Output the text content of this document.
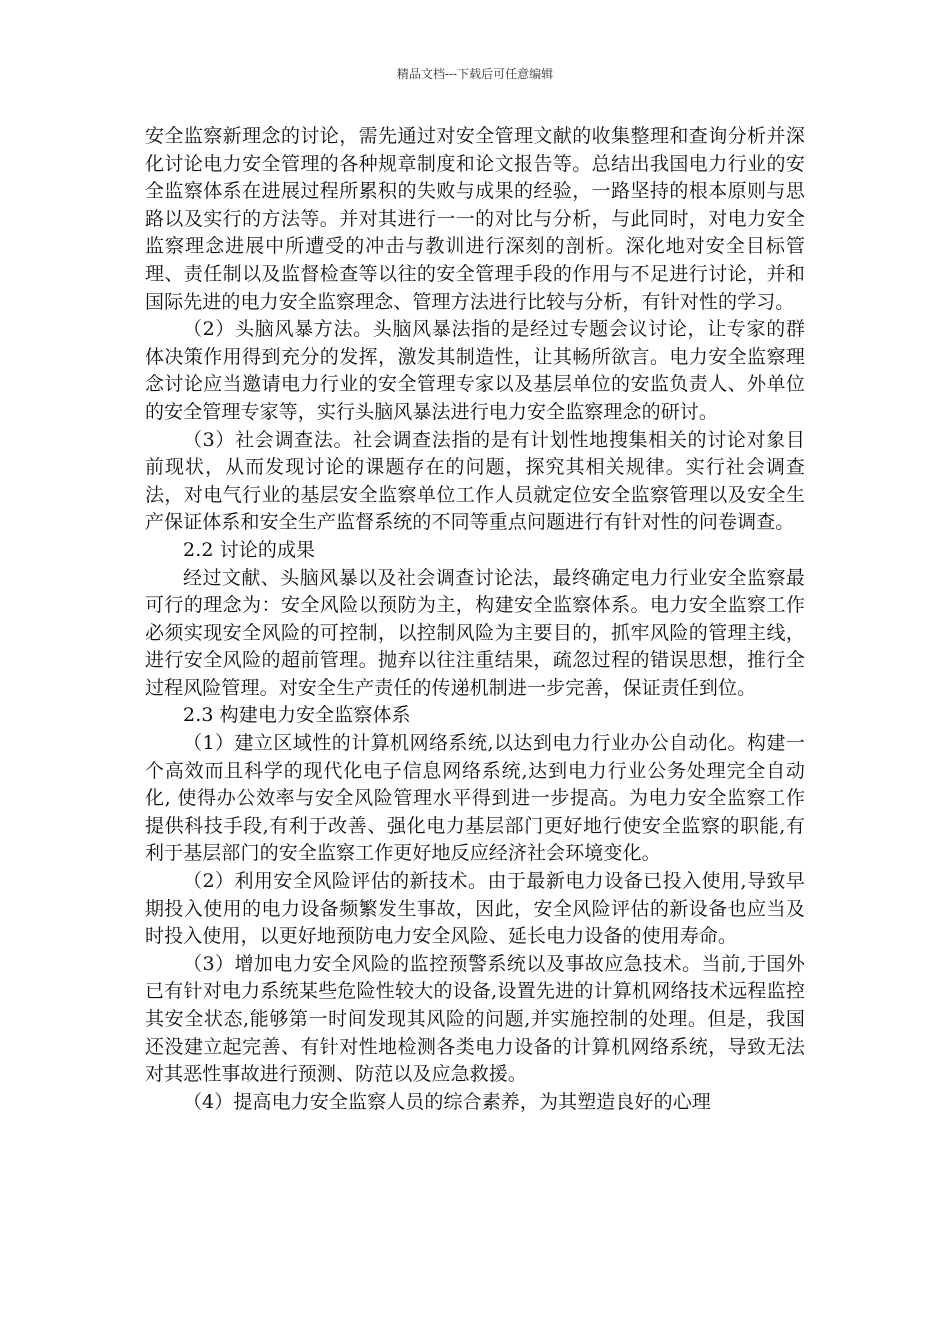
精品文档---下载后可任意编辑

安全监察新理念的讨论，需先通过对安全管理文献的收集整理和查询分析并深化讨论电力安全管理的各种规章制度和论文报告等。总结出我国电力行业的安全监察体系在进展过程所累积的失败与成果的经验，一路坚持的根本原则与思路以及实行的方法等。并对其进行一一的对比与分析，与此同时，对电力安全监察理念进展中所遭受的冲击与教训进行深刻的剖析。深化地对安全目标管理、责任制以及监督检查等以往的安全管理手段的作用与不足进行讨论，并和国际先进的电力安全监察理念、管理方法进行比较与分析，有针对性的学习。

（2）头脑风暴方法。头脑风暴法指的是经过专题会议讨论，让专家的群体决策作用得到充分的发挥，激发其制造性，让其畅所欲言。电力安全监察理念讨论应当邀请电力行业的安全管理专家以及基层单位的安监负责人、外单位的安全管理专家等，实行头脑风暴法进行电力安全监察理念的研讨。

（3）社会调查法。社会调查法指的是有计划性地搜集相关的讨论对象目前现状，从而发现讨论的课题存在的问题，探究其相关规律。实行社会调查法，对电气行业的基层安全监察单位工作人员就定位安全监察管理以及安全生产保证体系和安全生产监督系统的不同等重点问题进行有针对性的问卷调查。

2.2 讨论的成果

经过文献、头脑风暴以及社会调查讨论法，最终确定电力行业安全监察最可行的理念为：安全风险以预防为主，构建安全监察体系。电力安全监察工作必须实现安全风险的可控制，以控制风险为主要目的，抓牢风险的管理主线，进行安全风险的超前管理。抛弃以往注重结果，疏忽过程的错误思想，推行全过程风险管理。对安全生产责任的传递机制进一步完善，保证责任到位。

2.3 构建电力安全监察体系

（1）建立区域性的计算机网络系统,以达到电力行业办公自动化。构建一个高效而且科学的现代化电子信息网络系统,达到电力行业公务处理完全自动化, 使得办公效率与安全风险管理水平得到进一步提高。为电力安全监察工作提供科技手段,有利于改善、强化电力基层部门更好地行使安全监察的职能,有利于基层部门的安全监察工作更好地反应经济社会环境变化。

（2）利用安全风险评估的新技术。由于最新电力设备已投入使用,导致早期投入使用的电力设备频繁发生事故，因此，安全风险评估的新设备也应当及时投入使用，以更好地预防电力安全风险、延长电力设备的使用寿命。

（3）增加电力安全风险的监控预警系统以及事故应急技术。当前,于国外已有针对电力系统某些危险性较大的设备,设置先进的计算机网络技术远程监控其安全状态,能够第一时间发现其风险的问题,并实施控制的处理。但是，我国还没建立起完善、有针对性地检测各类电力设备的计算机网络系统，导致无法对其恶性事故进行预测、防范以及应急救援。

（4）提高电力安全监察人员的综合素养，为其塑造良好的心理
